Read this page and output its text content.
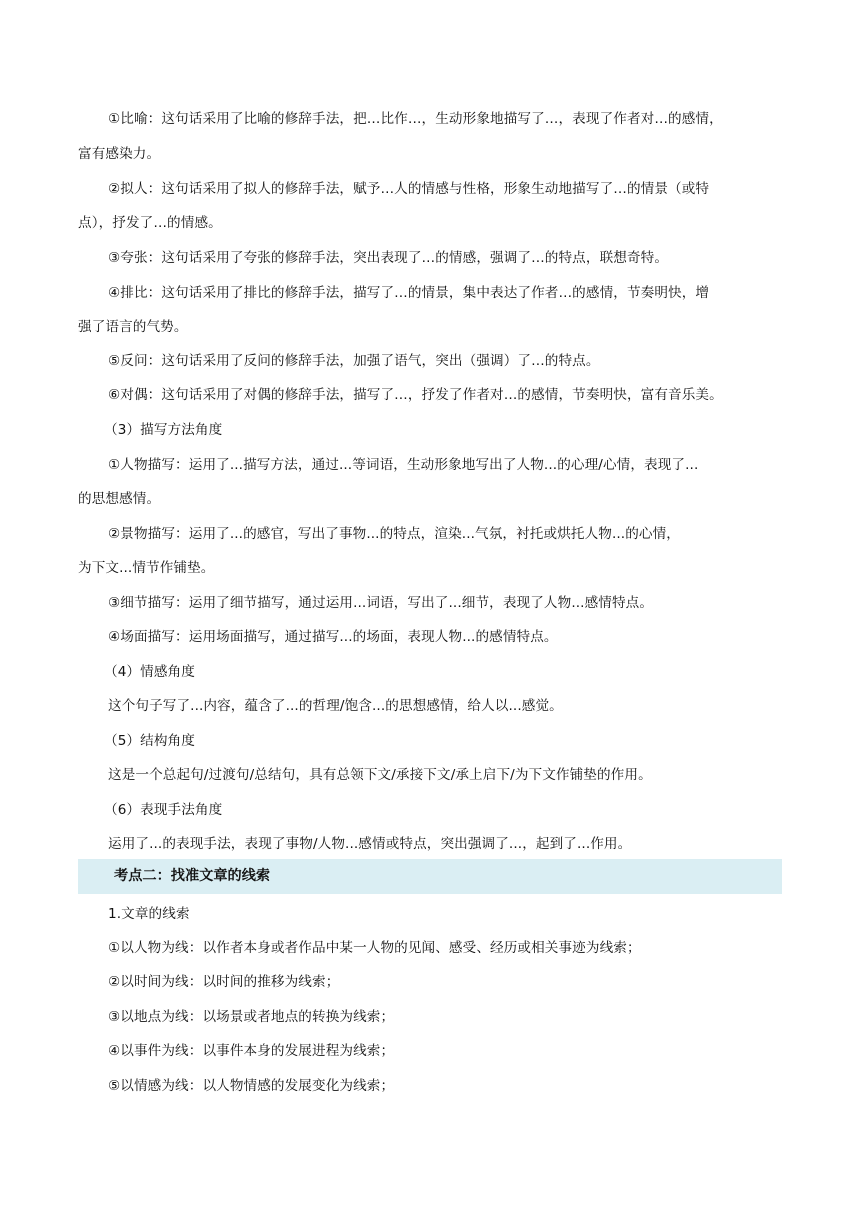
①比喻：这句话采用了比喻的修辞手法，把…比作…，生动形象地描写了…，表现了作者对…的感情，
富有感染力。
②拟人：这句话采用了拟人的修辞手法，赋予…人的情感与性格，形象生动地描写了…的情景（或特
点），抒发了…的情感。
③夸张：这句话采用了夸张的修辞手法，突出表现了…的情感，强调了…的特点，联想奇特。
④排比：这句话采用了排比的修辞手法，描写了…的情景，集中表达了作者…的感情，节奏明快，增
强了语言的气势。
⑤反问：这句话采用了反问的修辞手法，加强了语气，突出（强调）了…的特点。
⑥对偶：这句话采用了对偶的修辞手法，描写了…，抒发了作者对…的感情，节奏明快，富有音乐美。
（3）描写方法角度
①人物描写：运用了...描写方法，通过...等词语，生动形象地写出了人物...的心理/心情，表现了...
的思想感情。
②景物描写：运用了...的感官，写出了事物...的特点，渲染...气氛，衬托或烘托人物...的心情，
为下文...情节作铺垫。
③细节描写：运用了细节描写，通过运用...词语，写出了...细节，表现了人物...感情特点。
④场面描写：运用场面描写，通过描写...的场面，表现人物...的感情特点。
（4）情感角度
这个句子写了...内容，蕴含了...的哲理/饱含...的思想感情，给人以...感觉。
（5）结构角度
这是一个总起句/过渡句/总结句，具有总领下文/承接下文/承上启下/为下文作铺垫的作用。
（6）表现手法角度
运用了...的表现手法，表现了事物/人物...感情或特点，突出强调了...，起到了...作用。
考点二：找准文章的线索
1.文章的线索
①以人物为线：以作者本身或者作品中某一人物的见闻、感受、经历或相关事迹为线索；
②以时间为线：以时间的推移为线索；
③以地点为线：以场景或者地点的转换为线索；
④以事件为线：以事件本身的发展进程为线索；
⑤以情感为线：以人物情感的发展变化为线索；
